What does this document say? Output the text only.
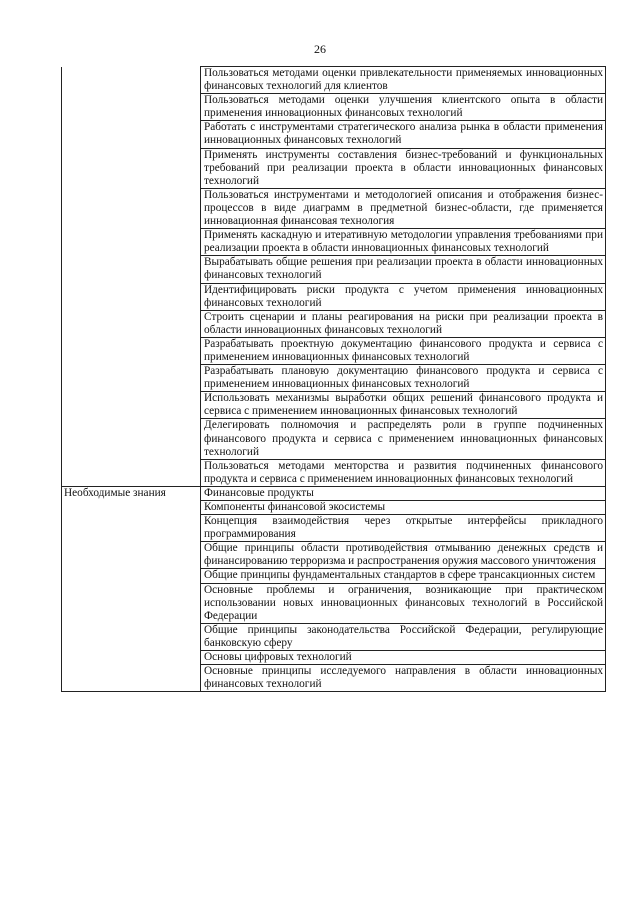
26
	Пользоваться методами оценки привлекательности применяемых инновационных финансовых технологий для клиентов
	Пользоваться методами оценки улучшения клиентского опыта в области применения инновационных финансовых технологий
	Работать с инструментами стратегического анализа рынка в области применения инновационных финансовых технологий
	Применять инструменты составления бизнес-требований и функциональных требований при реализации проекта в области инновационных финансовых технологий
	Пользоваться инструментами и методологией описания и отображения бизнес-процессов в виде диаграмм в предметной бизнес-области, где применяется инновационная финансовая технология
	Применять каскадную и итеративную методологии управления требованиями при реализации проекта в области инновационных финансовых технологий
	Вырабатывать общие решения при реализации проекта в области инновационных финансовых технологий
	Идентифицировать риски продукта с учетом применения инновационных финансовых технологий
	Строить сценарии и планы реагирования на риски при реализации проекта в области инновационных финансовых технологий
	Разрабатывать проектную документацию финансового продукта и сервиса с применением инновационных финансовых технологий
	Разрабатывать плановую документацию финансового продукта и сервиса с применением инновационных финансовых технологий
	Использовать механизмы выработки общих решений финансового продукта и сервиса с применением инновационных финансовых технологий
	Делегировать полномочия и распределять роли в группе подчиненных финансового продукта и сервиса с применением инновационных финансовых технологий
	Пользоваться методами менторства и развития подчиненных финансового продукта и сервиса с применением инновационных финансовых технологий
Необходимые знания	Финансовые продукты
	Компоненты финансовой экосистемы
	Концепция взаимодействия через открытые интерфейсы прикладного программирования
	Общие принципы области противодействия отмыванию денежных средств и финансированию терроризма и распространения оружия массового уничтожения
	Общие принципы фундаментальных стандартов в сфере трансакционных систем
	Основные проблемы и ограничения, возникающие при практическом использовании новых инновационных финансовых технологий в Российской Федерации
	Общие принципы законодательства Российской Федерации, регулирующие банковскую сферу
	Основы цифровых технологий
	Основные принципы исследуемого направления в области инновационных финансовых технологий
